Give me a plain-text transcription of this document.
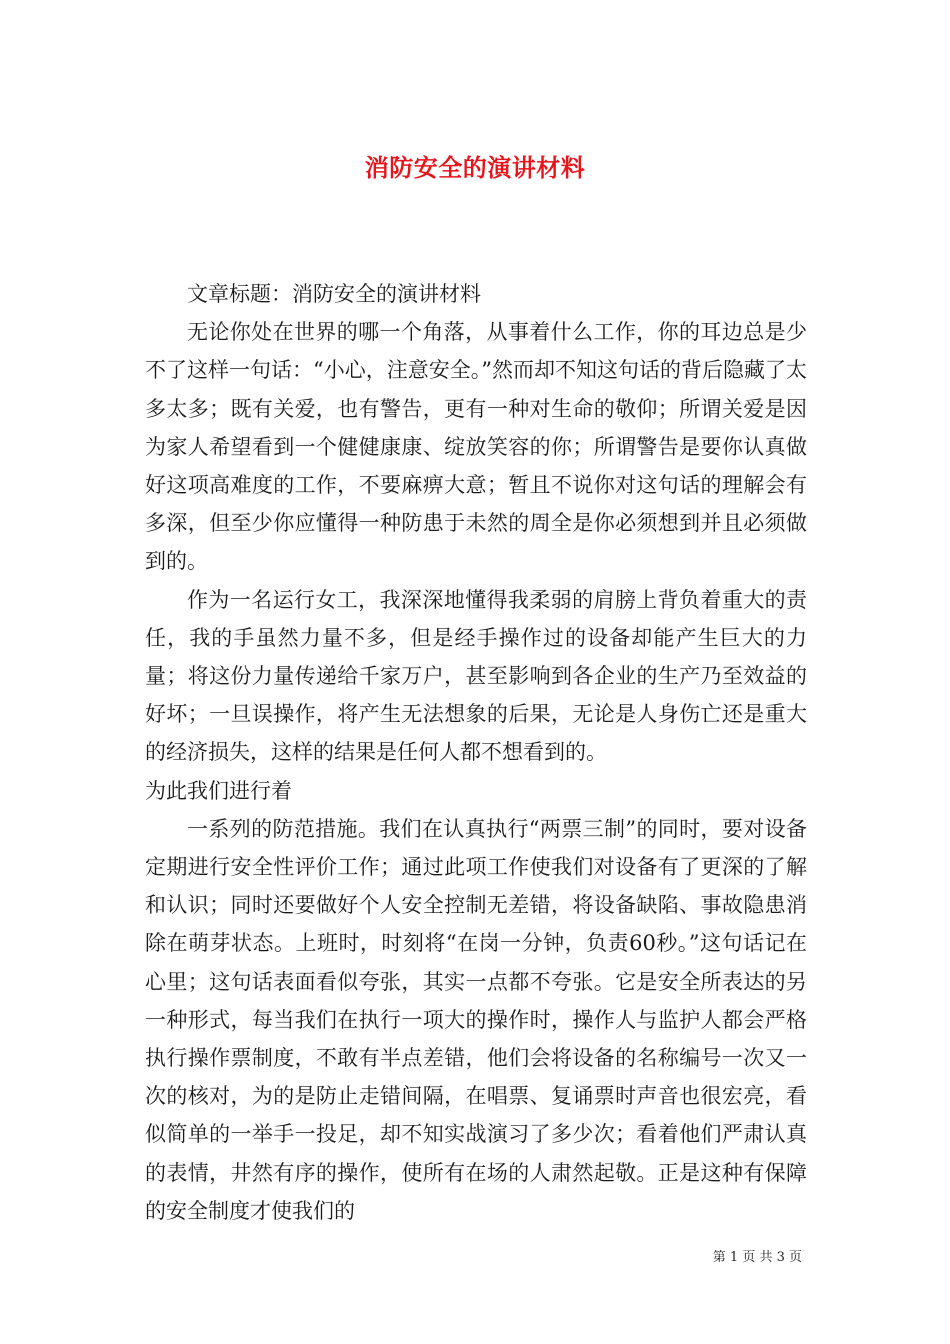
消防安全的演讲材料

文章标题：消防安全的演讲材料

无论你处在世界的哪一个角落，从事着什么工作，你的耳边总是少不了这样一句话：“小心，注意安全。”然而却不知这句话的背后隐藏了太多太多；既有关爱，也有警告，更有一种对生命的敬仰；所谓关爱是因为家人希望看到一个健健康康、绽放笑容的你；所谓警告是要你认真做好这项高难度的工作，不要麻痹大意；暂且不说你对这句话的理解会有多深，但至少你应懂得一种防患于未然的周全是你必须想到并且必须做到的。

作为一名运行女工，我深深地懂得我柔弱的肩膀上背负着重大的责任，我的手虽然力量不多，但是经手操作过的设备却能产生巨大的力量；将这份力量传递给千家万户，甚至影响到各企业的生产乃至效益的好坏；一旦误操作，将产生无法想象的后果，无论是人身伤亡还是重大的经济损失，这样的结果是任何人都不想看到的。

为此我们进行着

一系列的防范措施。我们在认真执行“两票三制”的同时，要对设备定期进行安全性评价工作；通过此项工作使我们对设备有了更深的了解和认识；同时还要做好个人安全控制无差错，将设备缺陷、事故隐患消除在萌芽状态。上班时，时刻将“在岗一分钟，负责60秒。”这句话记在心里；这句话表面看似夸张，其实一点都不夸张。它是安全所表达的另一种形式，每当我们在执行一项大的操作时，操作人与监护人都会严格执行操作票制度，不敢有半点差错，他们会将设备的名称编号一次又一次的核对，为的是防止走错间隔，在唱票、复诵票时声音也很宏亮，看似简单的一举手一投足，却不知实战演习了多少次；看着他们严肃认真的表情，井然有序的操作，使所有在场的人肃然起敬。正是这种有保障的安全制度才使我们的

第 1 页 共 3 页
